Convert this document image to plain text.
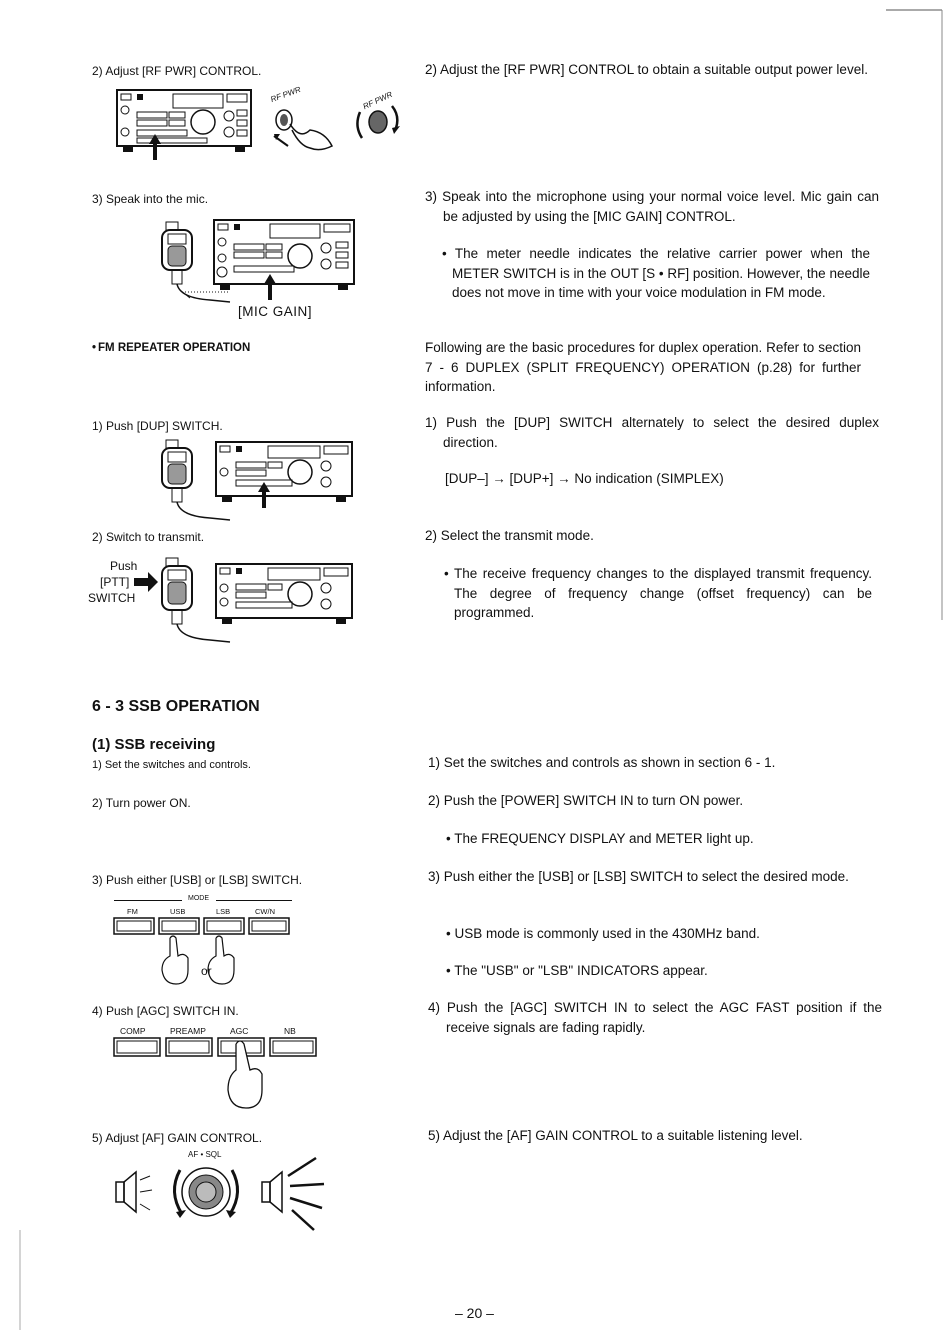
2) Adjust [RF PWR] CONTROL.
RF PWR	RF PWR
3) Speak into the mic.
[MIC GAIN]
• FM REPEATER OPERATION
1) Push [DUP] SWITCH.
2) Switch to transmit.
Push
[PTT]
SWITCH
6 - 3 SSB OPERATION
(1) SSB receiving
1) Set the switches and controls.
2) Turn power ON.
3) Push either [USB] or [LSB] SWITCH.
MODE
FM	USB	LSB	CW/N
or
4) Push [AGC] SWITCH IN.
COMP	PREAMP	AGC	NB
5) Adjust [AF] GAIN CONTROL.
AF • SQL
2) Adjust the [RF PWR] CONTROL to obtain a suitable output power level.
3) Speak into the microphone using your normal voice level. Mic gain can be adjusted by using the [MIC GAIN] CONTROL.
• The meter needle indicates the relative carrier power when the METER SWITCH is in the OUT [S • RF] position. However, the needle does not move in time with your voice modulation in FM mode.
Following are the basic procedures for duplex operation. Refer to section 7 - 6 DUPLEX (SPLIT FREQUENCY) OPERATION (p.28) for further information.
1) Push the [DUP] SWITCH alternately to select the desired duplex direction.
[DUP–] → [DUP+] → No indication (SIMPLEX)
2) Select the transmit mode.
• The receive frequency changes to the displayed transmit frequency. The degree of frequency change (offset frequency) can be programmed.
1) Set the switches and controls as shown in section 6 - 1.
2) Push the [POWER] SWITCH IN to turn ON power.
• The FREQUENCY DISPLAY and METER light up.
3) Push either the [USB] or [LSB] SWITCH to select the desired mode.
• USB mode is commonly used in the 430MHz band.
• The "USB" or "LSB" INDICATORS appear.
4) Push the [AGC] SWITCH IN to select the AGC FAST position if the receive signals are fading rapidly.
5) Adjust the [AF] GAIN CONTROL to a suitable listening level.
– 20 –
